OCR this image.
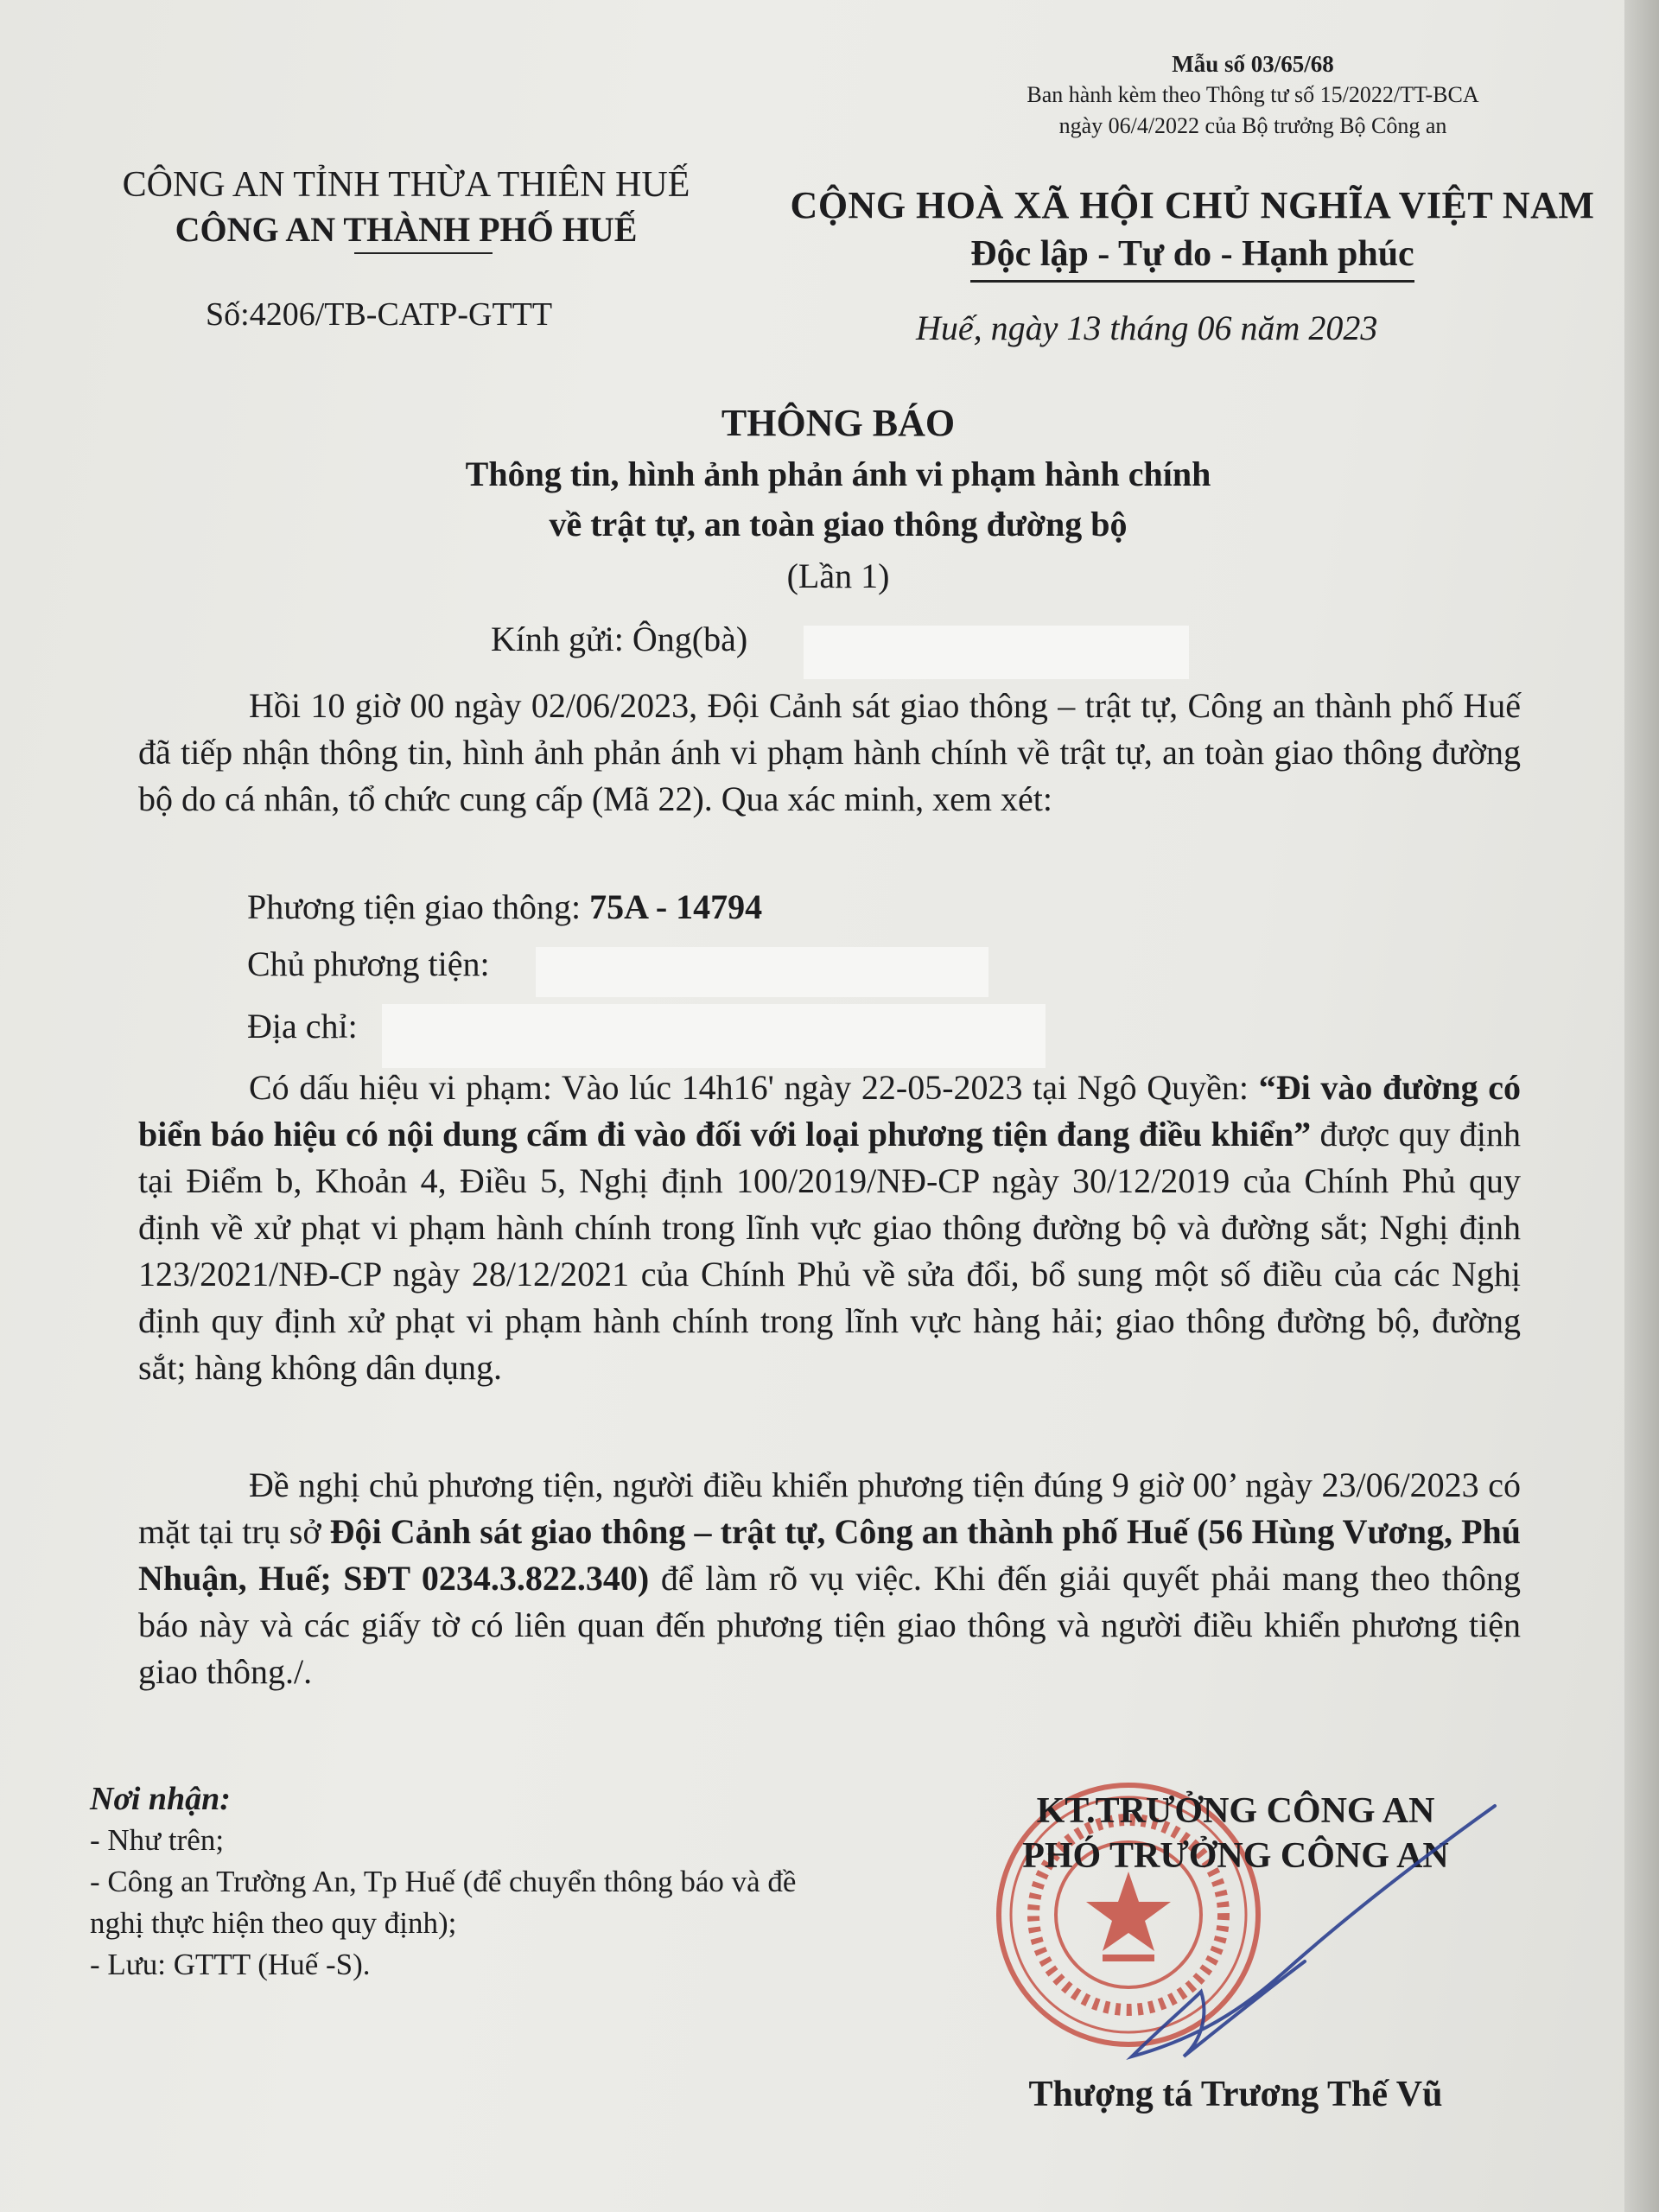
Mẫu số 03/65/68
Ban hành kèm theo Thông tư số 15/2022/TT-BCA
ngày 06/4/2022 của Bộ trưởng Bộ Công an
CÔNG AN TỈNH THỪA THIÊN HUẾ
CÔNG AN THÀNH PHỐ HUẾ
CỘNG HOÀ XÃ HỘI CHỦ NGHĨA VIỆT NAM
Độc lập - Tự do - Hạnh phúc
Số:4206/TB-CATP-GTTT	Huế, ngày 13 tháng 06 năm 2023
THÔNG BÁO
Thông tin, hình ảnh phản ánh vi phạm hành chính
về trật tự, an toàn giao thông đường bộ
(Lần 1)
Kính gửi: Ông(bà)
Hồi 10 giờ 00 ngày 02/06/2023, Đội Cảnh sát giao thông – trật tự, Công an thành phố Huế đã tiếp nhận thông tin, hình ảnh phản ánh vi phạm hành chính về trật tự, an toàn giao thông đường bộ do cá nhân, tổ chức cung cấp (Mã 22). Qua xác minh, xem xét:
Phương tiện giao thông: 75A - 14794
Chủ phương tiện:
Địa chỉ:
Có dấu hiệu vi phạm: Vào lúc 14h16' ngày 22-05-2023 tại Ngô Quyền: “Đi vào đường có biển báo hiệu có nội dung cấm đi vào đối với loại phương tiện đang điều khiển” được quy định tại Điểm b, Khoản 4, Điều 5, Nghị định 100/2019/NĐ-CP ngày 30/12/2019 của Chính Phủ quy định về xử phạt vi phạm hành chính trong lĩnh vực giao thông đường bộ và đường sắt; Nghị định 123/2021/NĐ-CP ngày 28/12/2021 của Chính Phủ về sửa đổi, bổ sung một số điều của các Nghị định quy định xử phạt vi phạm hành chính trong lĩnh vực hàng hải; giao thông đường bộ, đường sắt; hàng không dân dụng.
Đề nghị chủ phương tiện, người điều khiển phương tiện đúng 9 giờ 00’ ngày 23/06/2023 có mặt tại trụ sở Đội Cảnh sát giao thông – trật tự, Công an thành phố Huế (56 Hùng Vương, Phú Nhuận, Huế; SĐT 0234.3.822.340) để làm rõ vụ việc. Khi đến giải quyết phải mang theo thông báo này và các giấy tờ có liên quan đến phương tiện giao thông và người điều khiển phương tiện giao thông./.
Nơi nhận:
- Như trên;
- Công an Trường An, Tp Huế (để chuyển thông báo và đề nghị thực hiện theo quy định);
- Lưu: GTTT (Huế -S).
KT.TRƯỞNG CÔNG AN
PHÓ TRƯỞNG CÔNG AN
Thượng tá Trương Thế Vũ
